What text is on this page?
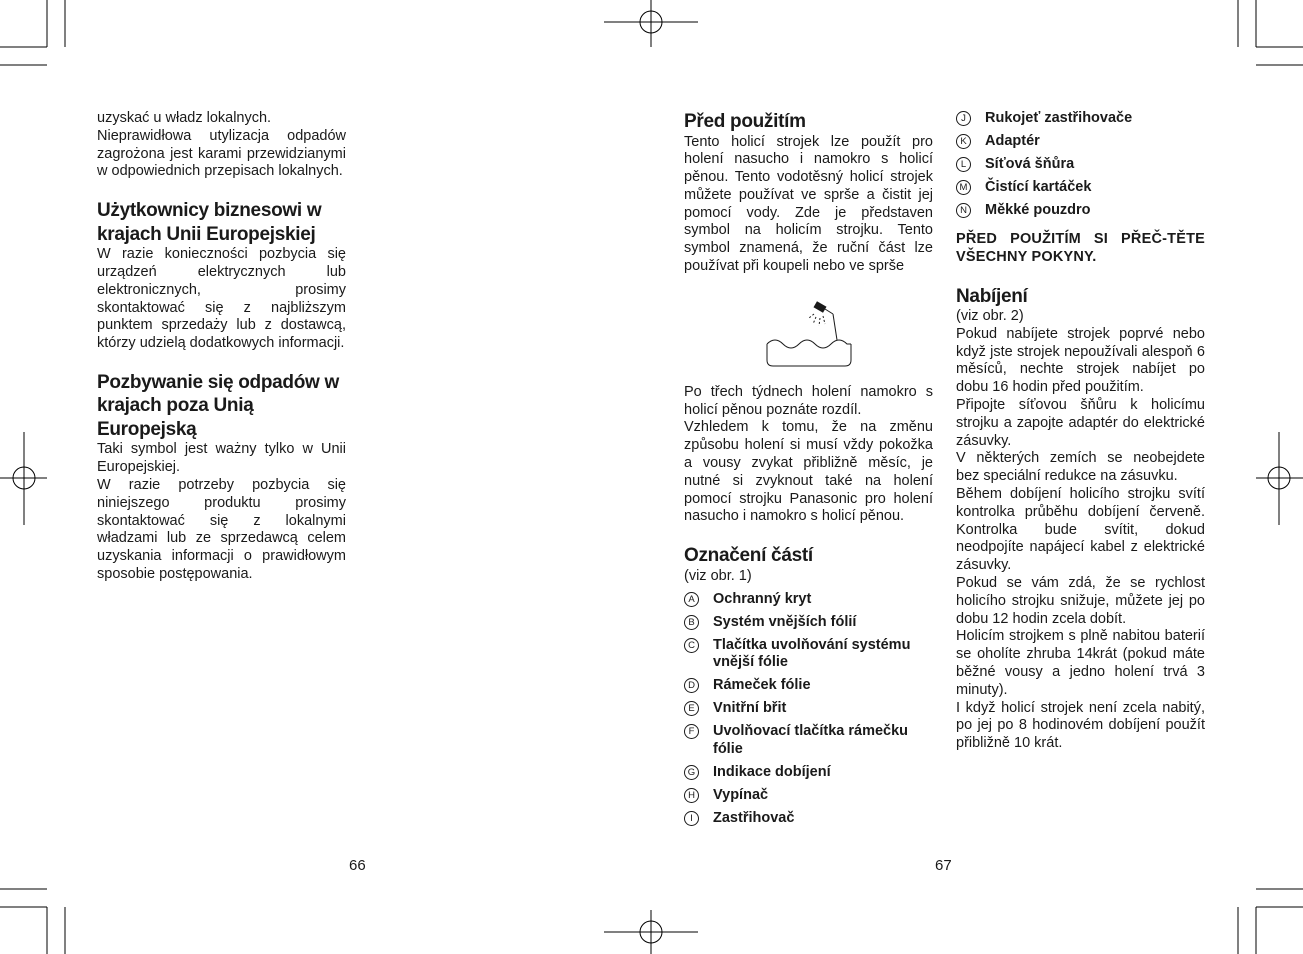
uzyskać u władz lokalnych.

Nieprawidłowa utylizacja odpadów zagrożona jest karami przewidzianymi w odpowiednich przepisach lokalnych.

Użytkownicy biznesowi w krajach Unii Europejskiej

W razie konieczności pozbycia się urządzeń elektrycznych lub elektronicznych, prosimy skontaktować się z najbliższym punktem sprzedaży lub z dostawcą, którzy udzielą dodatkowych informacji.

Pozbywanie się odpadów w krajach poza Unią Europejską

Taki symbol jest ważny tylko w Unii Europejskiej.

W razie potrzeby pozbycia się niniejszego produktu prosimy skontaktować się z lokalnymi władzami lub ze sprzedawcą celem uzyskania informacji o prawidłowym sposobie postępowania.

66
Před použitím

Tento holicí strojek lze použít pro holení nasucho i namokro s holicí pěnou. Tento vodotěsný holicí strojek můžete používat ve sprše a čistit jej pomocí vody. Zde je představen symbol na holicím strojku. Tento symbol znamená, že ruční část lze používat při koupeli nebo ve sprše

Po třech týdnech holení namokro s holicí pěnou poznáte rozdíl.

Vzhledem k tomu, že na změnu způsobu holení si musí vždy pokožka a vousy zvykat přibližně měsíc, je nutné si zvyknout také na holení pomocí strojku Panasonic pro holení nasucho i namokro s holicí pěnou.

Označení částí

(viz obr. 1)

A Ochranný kryt
B Systém vnějších fólií
C Tlačítka uvolňování systému vnější fólie
D Rámeček fólie
E Vnitřní břit
F	Uvolňovací tlačítka rámečku fólie
G Indikace dobíjení
H Vypínač
I	Zastřihovač
67
J	Rukojeť zastřihovače
K Adaptér
L	Síťová šňůra
M Čistící kartáček
N Měkké pouzdro

PŘED POUŽITÍM SI PŘEČ-TĚTE VŠECHNY POKYNY.

Nabíjení

(viz obr. 2)

Pokud nabíjete strojek poprvé nebo když jste strojek nepoužívali alespoň 6 měsíců, nechte strojek nabíjet po dobu 16 hodin před použitím.

Připojte síťovou šňůru k holicímu strojku a zapojte adaptér do elektrické zásuvky.

V některých zemích se neobejdete bez speciální redukce na zásuvku.

Během dobíjení holicího strojku svítí kontrolka průběhu dobíjení červeně. Kontrolka bude svítit, dokud neodpojíte napájecí kabel z elektrické zásuvky.

Pokud se vám zdá, že se rychlost holicího strojku snižuje, můžete jej po dobu 12 hodin zcela dobít.

Holicím strojkem s plně nabitou baterií se oholíte zhruba 14krát (pokud máte běžné vousy a jedno holení trvá 3 minuty).

I když holicí strojek není zcela nabitý, po jej po 8 hodinovém dobíjení použít přibližně 10 krát.
